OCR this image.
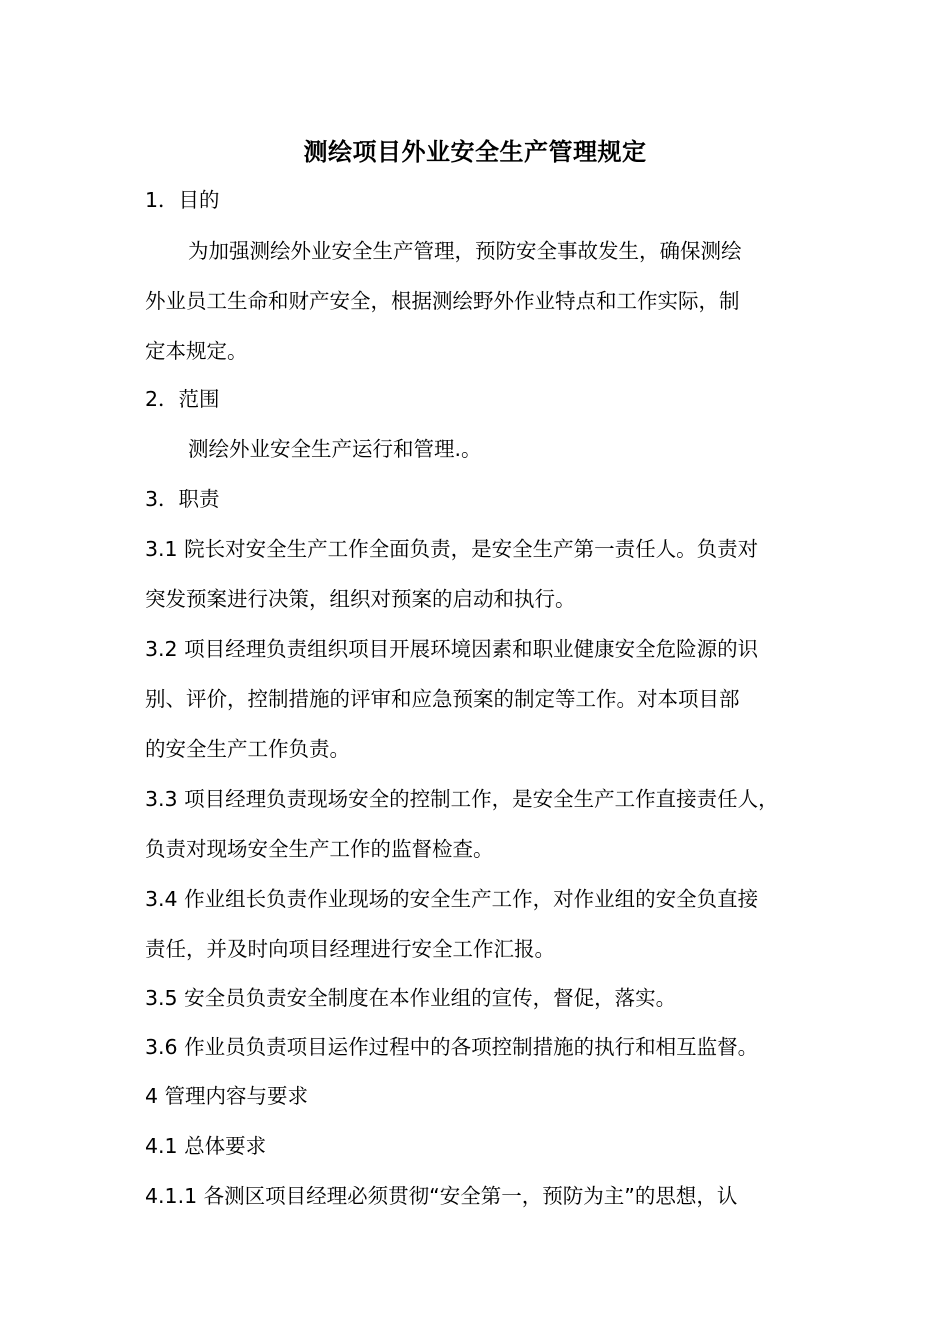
测绘项目外业安全生产管理规定
1．目的
为加强测绘外业安全生产管理，预防安全事故发生，确保测绘
外业员工生命和财产安全，根据测绘野外作业特点和工作实际，制
定本规定。
2．范围
测绘外业安全生产运行和管理.。
3．职责
3.1 院长对安全生产工作全面负责，是安全生产第一责任人。负责对
突发预案进行决策，组织对预案的启动和执行。
3.2 项目经理负责组织项目开展环境因素和职业健康安全危险源的识
别、评价，控制措施的评审和应急预案的制定等工作。对本项目部
的安全生产工作负责。
3.3 项目经理负责现场安全的控制工作，是安全生产工作直接责任人，
负责对现场安全生产工作的监督检查。
3.4 作业组长负责作业现场的安全生产工作，对作业组的安全负直接
责任，并及时向项目经理进行安全工作汇报。
3.5 安全员负责安全制度在本作业组的宣传，督促，落实。
3.6 作业员负责项目运作过程中的各项控制措施的执行和相互监督。
4 管理内容与要求
4.1 总体要求
4.1.1 各测区项目经理必须贯彻“安全第一，预防为主”的思想，认
